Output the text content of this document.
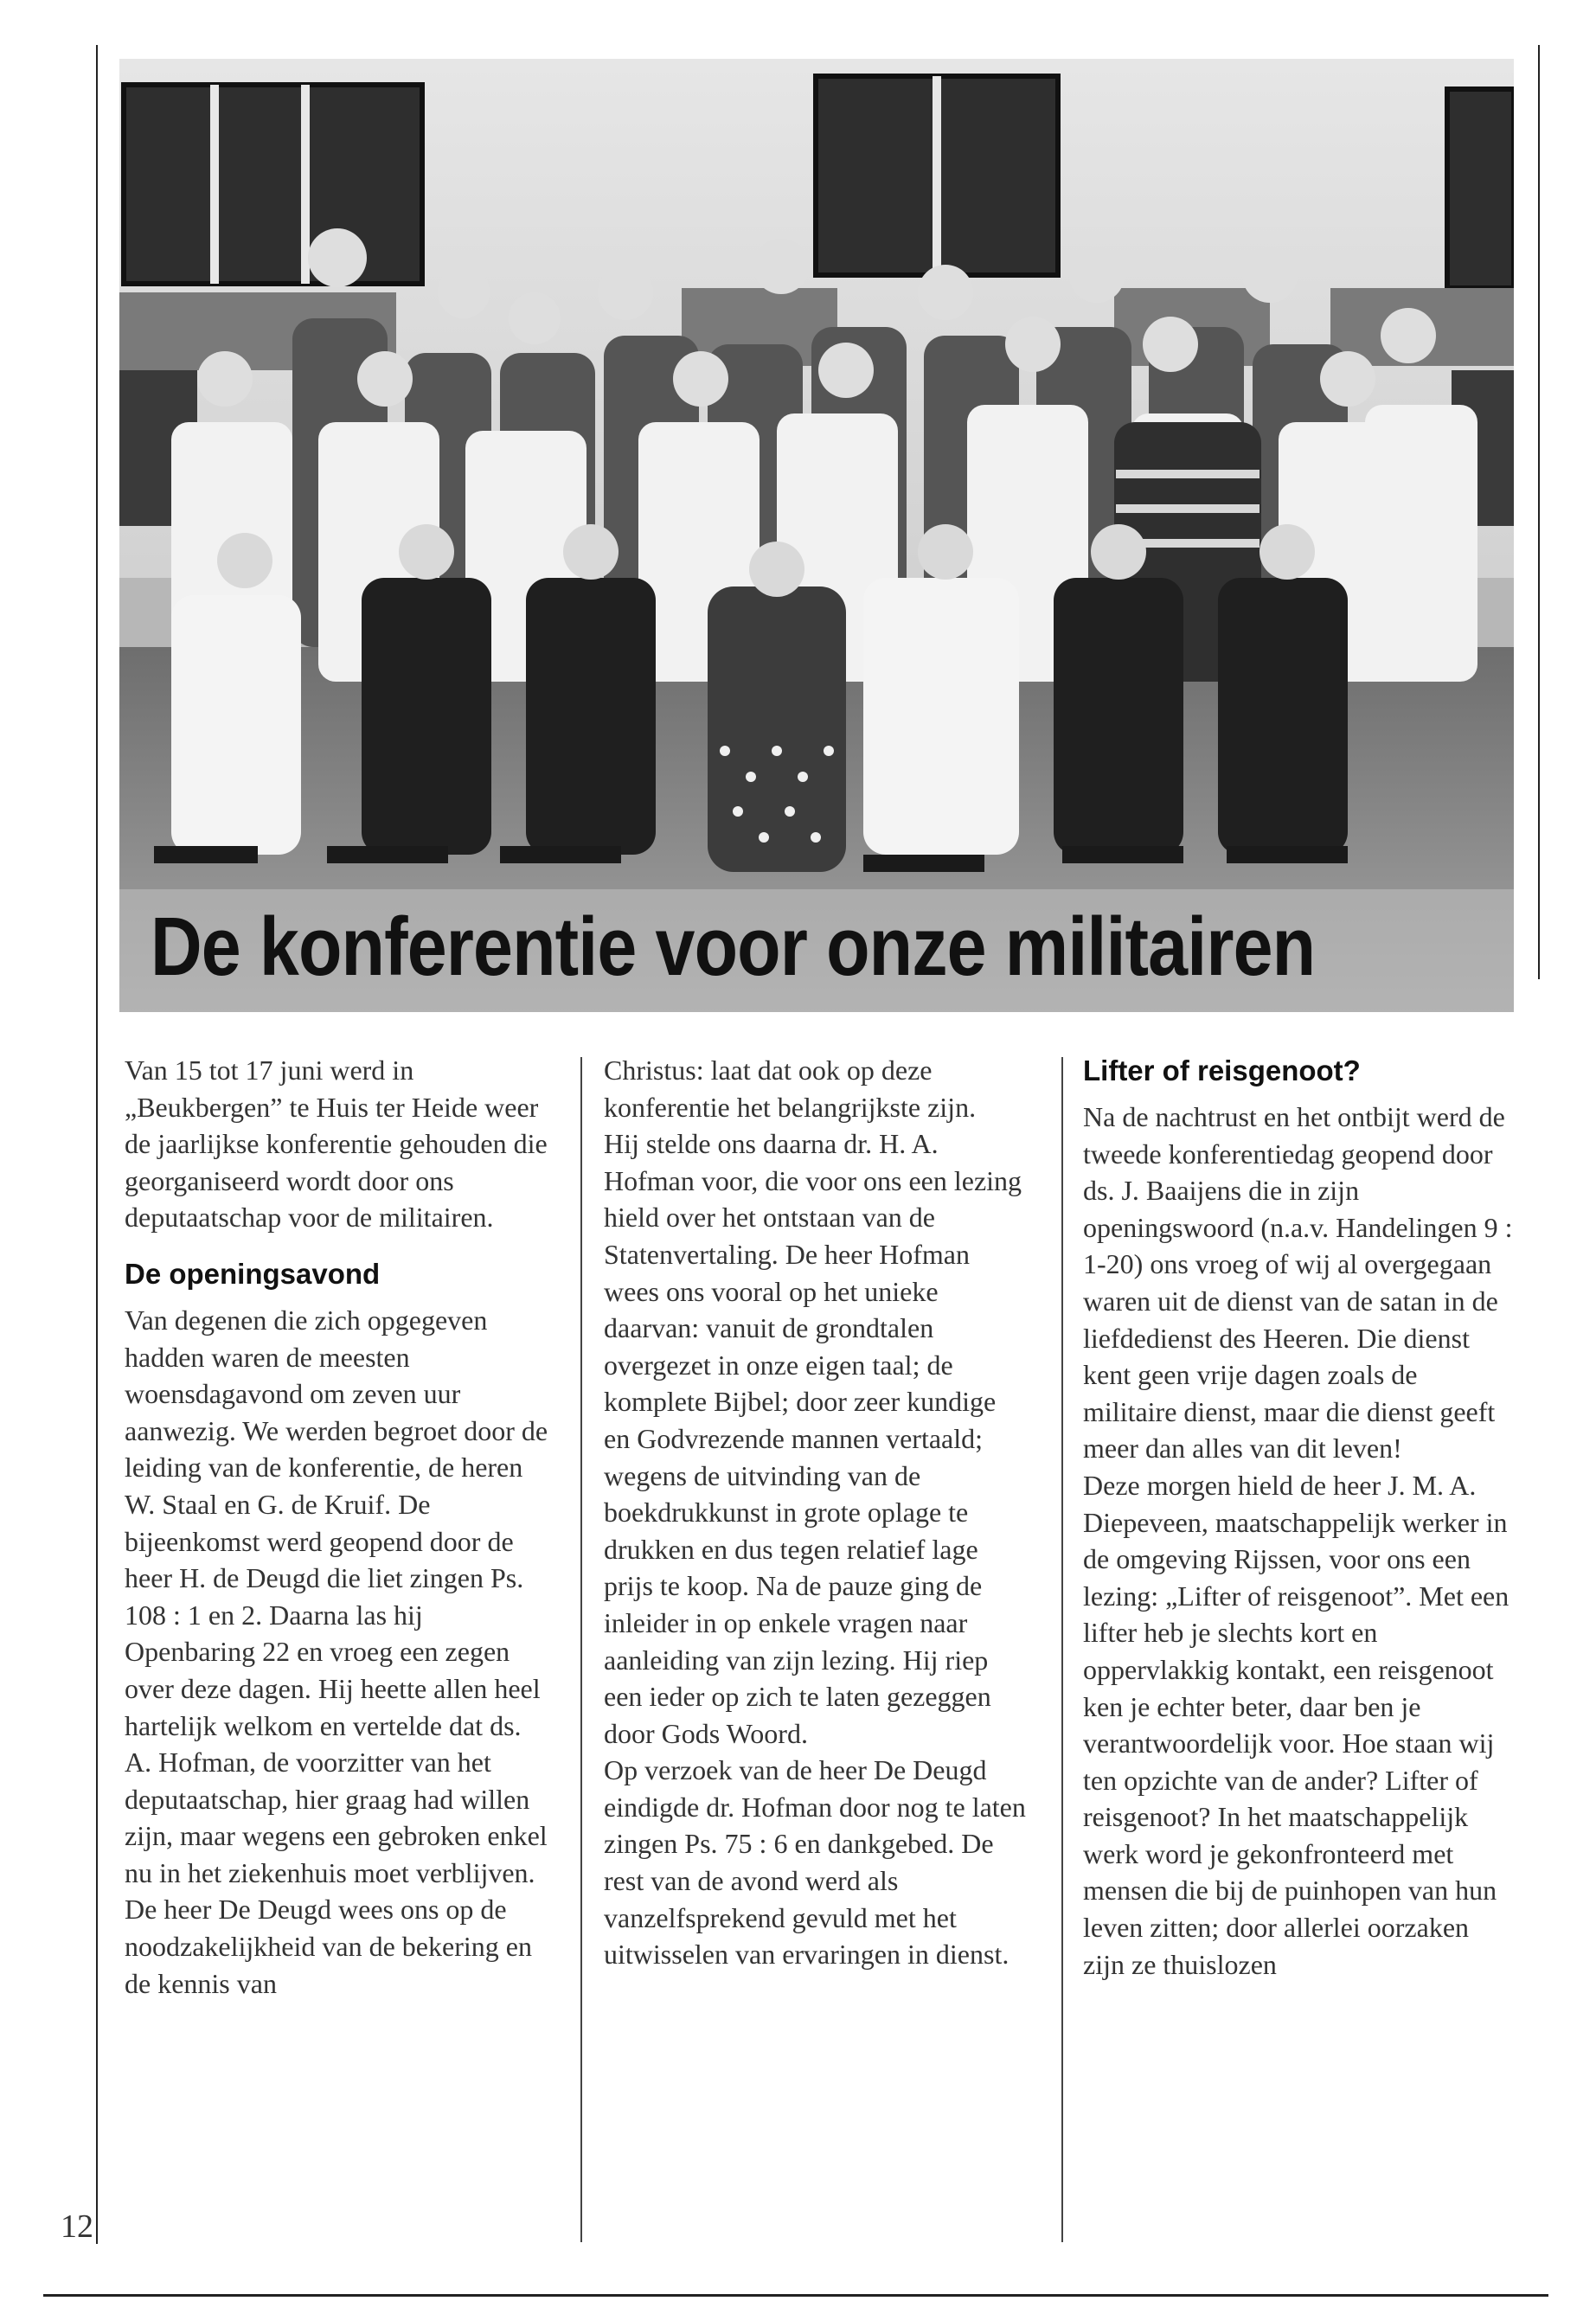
De konferentie voor onze militairen

Van 15 tot 17 juni werd in „Beukbergen” te Huis ter Heide weer de jaarlijkse konferentie gehouden die georganiseerd wordt door ons deputaatschap voor de militairen.

De openingsavond

Van degenen die zich opgegeven hadden waren de meesten woensdagavond om zeven uur aanwezig. We werden begroet door de leiding van de konferentie, de heren W. Staal en G. de Kruif. De bijeenkomst werd geopend door de heer H. de Deugd die liet zingen Ps. 108 : 1 en 2. Daarna las hij Openbaring 22 en vroeg een zegen over deze dagen. Hij heette allen heel hartelijk welkom en vertelde dat ds. A. Hofman, de voorzitter van het deputaatschap, hier graag had willen zijn, maar wegens een gebroken enkel nu in het ziekenhuis moet verblijven. De heer De Deugd wees ons op de noodzakelijkheid van de bekering en de kennis van

Christus: laat dat ook op deze konferentie het belangrijkste zijn.

Hij stelde ons daarna dr. H. A. Hofman voor, die voor ons een lezing hield over het ontstaan van de Statenvertaling. De heer Hofman wees ons vooral op het unieke daarvan: vanuit de grondtalen overgezet in onze eigen taal; de komplete Bijbel; door zeer kundige en Godvrezende mannen vertaald; wegens de uitvinding van de boekdrukkunst in grote oplage te drukken en dus tegen relatief lage prijs te koop. Na de pauze ging de inleider in op enkele vragen naar aanleiding van zijn lezing. Hij riep een ieder op zich te laten gezeggen door Gods Woord.

Op verzoek van de heer De Deugd eindigde dr. Hofman door nog te laten zingen Ps. 75 : 6 en dankgebed. De rest van de avond werd als vanzelfsprekend gevuld met het uitwisselen van ervaringen in dienst.

Lifter of reisgenoot?

Na de nachtrust en het ontbijt werd de tweede konferentiedag geopend door ds. J. Baaijens die in zijn openingswoord (n.a.v. Handelingen 9 : 1-20) ons vroeg of wij al overgegaan waren uit de dienst van de satan in de liefdedienst des Heeren. Die dienst kent geen vrije dagen zoals de militaire dienst, maar die dienst geeft meer dan alles van dit leven!

Deze morgen hield de heer J. M. A. Diepeveen, maatschappelijk werker in de omgeving Rijssen, voor ons een lezing: „Lifter of reisgenoot”. Met een lifter heb je slechts kort en oppervlakkig kontakt, een reisgenoot ken je echter beter, daar ben je verantwoordelijk voor. Hoe staan wij ten opzichte van de ander? Lifter of reisgenoot? In het maatschappelijk werk word je gekonfronteerd met mensen die bij de puinhopen van hun leven zitten; door allerlei oorzaken zijn ze thuislozen

12
